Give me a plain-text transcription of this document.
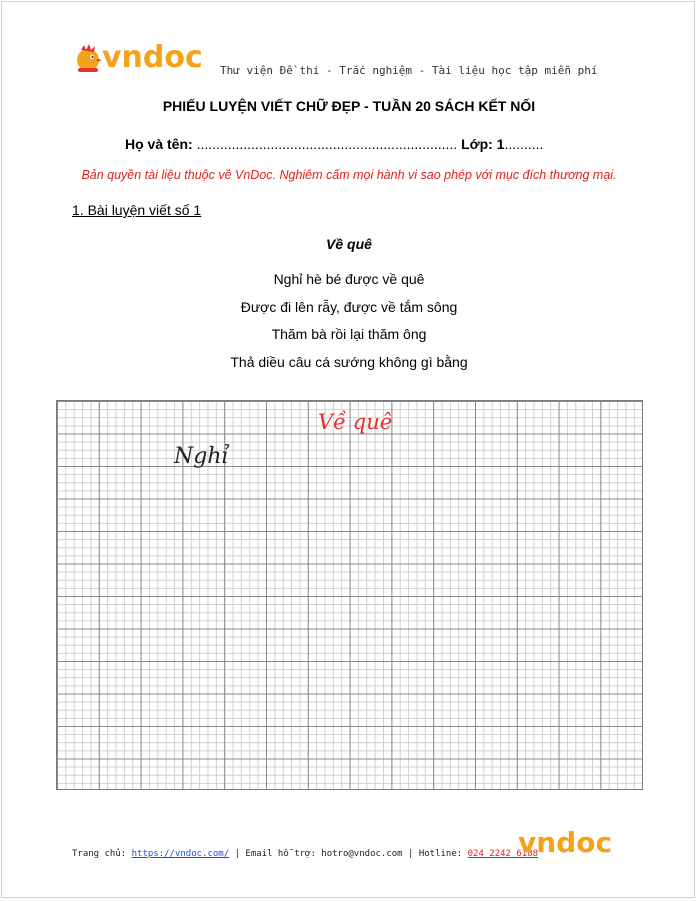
vndoc Thư viện Đề thi - Trắc nghiệm - Tài liệu học tập miễn phí
PHIẾU LUYỆN VIẾT CHỮ ĐẸP - TUẦN 20 SÁCH KẾT NỐI
Họ và tên: ................................................................... Lớp: 1..........
Bản quyền tài liệu thuộc về VnDoc. Nghiêm cấm mọi hành vi sao phép với mục đích thương mại.
1. Bài luyện viết số 1
Về quê
Nghỉ hè bé được về quê
Được đi lên rẫy, được về tắm sông
Thăm bà rồi lại thăm ông
Thả diều câu cá sướng không gì bằng
Về quê
Nghỉ
Trang chủ: https://vndoc.com/ | Email hỗ trợ: hotro@vndoc.com | Hotline: 024 2242 6188
vndoc
